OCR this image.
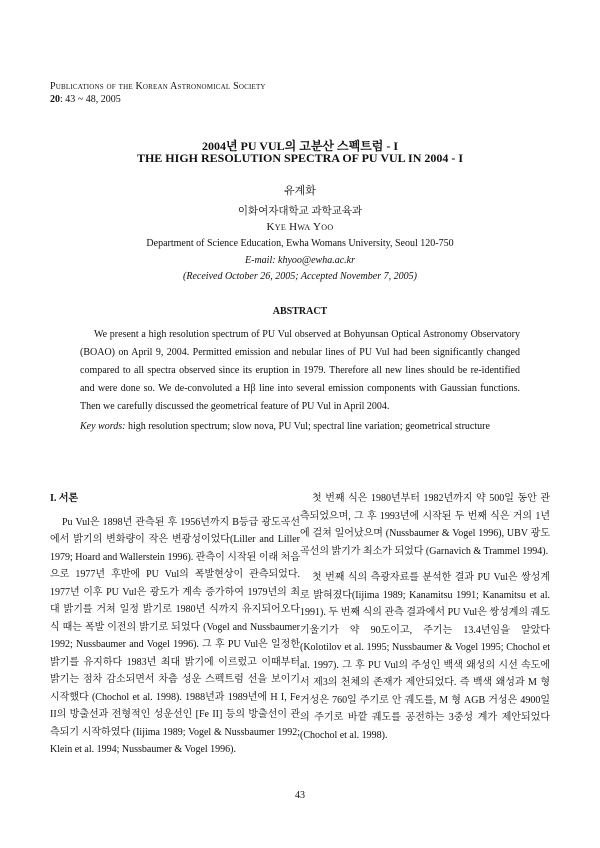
Publications of the Korean Astronomical Society
20: 43 ~ 48, 2005
2004년 PU VUL의 고분산 스펙트럼 - I
THE HIGH RESOLUTION SPECTRA OF PU VUL IN 2004 - I
유계화
이화여자대학교 과학교육과
Kye Hwa Yoo
Department of Science Education, Ewha Womans University, Seoul 120-750
E-mail: khyoo@ewha.ac.kr
(Received October 26, 2005; Accepted November 7, 2005)
ABSTRACT

We present a high resolution spectrum of PU Vul observed at Bohyunsan Optical Astronomy Observatory (BOAO) on April 9, 2004. Permitted emission and nebular lines of PU Vul had been significantly changed compared to all spectra observed since its eruption in 1979. Therefore all new lines should be re-identified and were done so. We de-convoluted a Hβ line into several emission components with Gaussian functions. Then we carefully discussed the geometrical feature of PU Vul in April 2004.

Key words: high resolution spectrum; slow nova, PU Vul; spectral line variation; geometrical structure

I. 서론

Pu Vul은 1898년 관측된 후 1956년까지 B등급 광도곡선에서 밝기의 변화량이 작은 변광성이었다(Liller and Liller 1979; Hoard and Wallerstein 1996). 관측이 시작된 이래 처음으로 1977년 후반에 PU Vul의 폭발현상이 관측되었다. 1977년 이후 PU Vul은 광도가 계속 증가하여 1979년의 최대 밝기를 거쳐 일정 밝기로 1980년 식까지 유지되어오다 식 때는 폭발 이전의 밝기로 되었다 (Vogel and Nussbaumer 1992; Nussbaumer and Vogel 1996). 그 후 PU Vul은 일정한 밝기를 유지하다 1983년 최대 밝기에 이르렀고 이때부터 밝기는 점차 감소되면서 차츰 성운 스펙트럼 선을 보이기 시작했다 (Chochol et al. 1998). 1988년과 1989년에 H I, Fe II의 방출선과 전형적인 성운선인 [Fe II] 등의 방출선이 관측되기 시작하였다 (Iijima 1989; Vogel & Nussbaumer 1992; Klein et al. 1994; Nussbaumer & Vogel 1996).

첫 번째 식은 1980년부터 1982년까지 약 500일 동안 관측되었으며, 그 후 1993년에 시작된 두 번째 식은 거의 1년에 걸쳐 일어났으며 (Nussbaumer & Vogel 1996), UBV 광도곡선의 밝기가 최소가 되었다 (Garnavich & Trammel 1994).

첫 번째 식의 측광자료를 분석한 결과 PU Vul은 쌍성계로 밝혀졌다(Iijima 1989; Kanamitsu 1991; Kanamitsu et al. 1991). 두 번째 식의 관측 결과에서 PU Vul은 쌍성계의 궤도 기울기가 약 90도이고, 주기는 13.4년임을 알았다 (Kolotilov et al. 1995; Nussbaumer & Vogel 1995; Chochol et al. 1997). 그 후 PU Vul의 주성인 백색 왜성의 시선 속도에서 제3의 천체의 존재가 제안되었다. 즉 백색 왜성과 M 형 거성은 760일 주기로 안 궤도를, M 형 AGB 거성은 4900일의 주기로 바깥 궤도를 공전하는 3중성 계가 제안되었다(Chochol et al. 1998).

43
